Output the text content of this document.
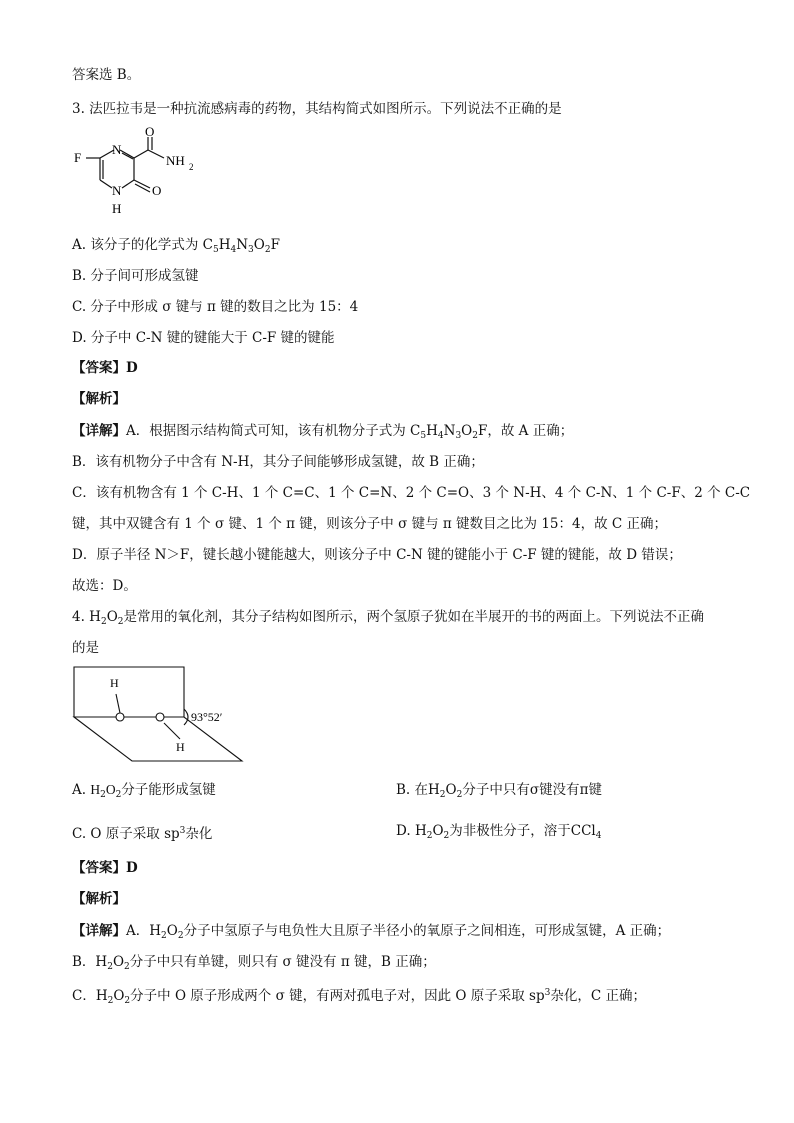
答案选 B。
3. 法匹拉韦是一种抗流感病毒的药物，其结构简式如图所示。下列说法不正确的是
F
N
O
NH 2
O
N
H
A. 该分子的化学式为 $C_5H_4N_3O_2F$
B. 分子间可形成氢键
C. 分子中形成 σ 键与 π 键的数目之比为 15：4
D. 分子中 C-N 键的键能大于 C-F 键的键能
【答案】D
【解析】
【详解】A．根据图示结构简式可知，该有机物分子式为 $C_5H_4N_3O_2F$，故 A 正确；
B．该有机物分子中含有 N-H，其分子间能够形成氢键，故 B 正确；
C．该有机物含有 1 个 C-H、1 个 C=C、1 个 C=N、2 个 C=O、3 个 N-H、4 个 C-N、1 个 C-F、2 个 C-C
键，其中双键含有 1 个 σ 键、1 个 π 键，则该分子中 σ 键与 π 键数目之比为 15：4，故 C 正确；
D．原子半径 N＞F，键长越小键能越大，则该分子中 C-N 键的键能小于 C-F 键的键能，故 D 错误；
故选：D。
4. $H_2O_2$是常用的氧化剂，其分子结构如图所示，两个氢原子犹如在半展开的书的两面上。下列说法不正确
的是
H
H
93°52′
A. $H_2O_2$分子能形成氢键	B. 在$H_2O_2$分子中只有σ键没有π键
C. O 原子采取 $sp^3$杂化	D. $H_2O_2$为非极性分子，溶于CCl$_4$
【答案】D
【解析】
【详解】A．$H_2O_2$分子中氢原子与电负性大且原子半径小的氧原子之间相连，可形成氢键，A 正确；
B．$H_2O_2$分子中只有单键，则只有 σ 键没有 π 键，B 正确；
C．$H_2O_2$分子中 O 原子形成两个 σ 键，有两对孤电子对，因此 O 原子采取 $sp^3$杂化，C 正确；
